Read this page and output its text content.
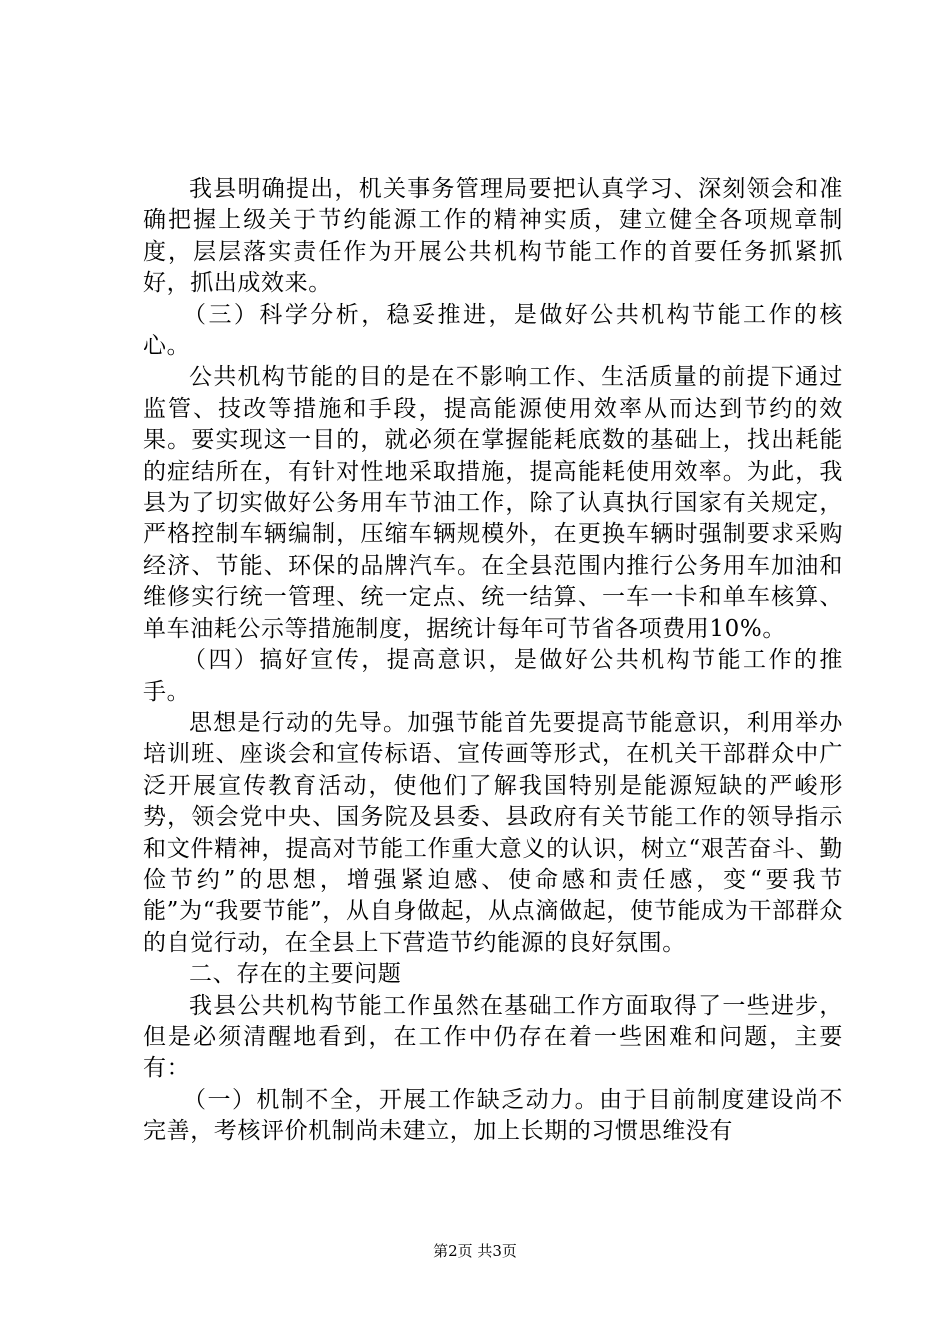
我县明确提出，机关事务管理局要把认真学习、深刻领会和准确把握上级关于节约能源工作的精神实质，建立健全各项规章制度，层层落实责任作为开展公共机构节能工作的首要任务抓紧抓好，抓出成效来。

（三）科学分析，稳妥推进，是做好公共机构节能工作的核心。

公共机构节能的目的是在不影响工作、生活质量的前提下通过监管、技改等措施和手段，提高能源使用效率从而达到节约的效果。要实现这一目的，就必须在掌握能耗底数的基础上，找出耗能的症结所在，有针对性地采取措施，提高能耗使用效率。为此，我县为了切实做好公务用车节油工作，除了认真执行国家有关规定，严格控制车辆编制，压缩车辆规模外，在更换车辆时强制要求采购经济、节能、环保的品牌汽车。在全县范围内推行公务用车加油和维修实行统一管理、统一定点、统一结算、一车一卡和单车核算、单车油耗公示等措施制度，据统计每年可节省各项费用10%。

（四）搞好宣传，提高意识，是做好公共机构节能工作的推手。

思想是行动的先导。加强节能首先要提高节能意识，利用举办培训班、座谈会和宣传标语、宣传画等形式，在机关干部群众中广泛开展宣传教育活动，使他们了解我国特别是能源短缺的严峻形势，领会党中央、国务院及县委、县政府有关节能工作的领导指示和文件精神，提高对节能工作重大意义的认识，树立“艰苦奋斗、勤俭节约”的思想，增强紧迫感、使命感和责任感，变“要我节能”为“我要节能”，从自身做起，从点滴做起，使节能成为干部群众的自觉行动，在全县上下营造节约能源的良好氛围。

二、存在的主要问题

我县公共机构节能工作虽然在基础工作方面取得了一些进步，但是必须清醒地看到，在工作中仍存在着一些困难和问题，主要有：

（一）机制不全，开展工作缺乏动力。由于目前制度建设尚不完善，考核评价机制尚未建立，加上长期的习惯思维没有

第2页 共3页
